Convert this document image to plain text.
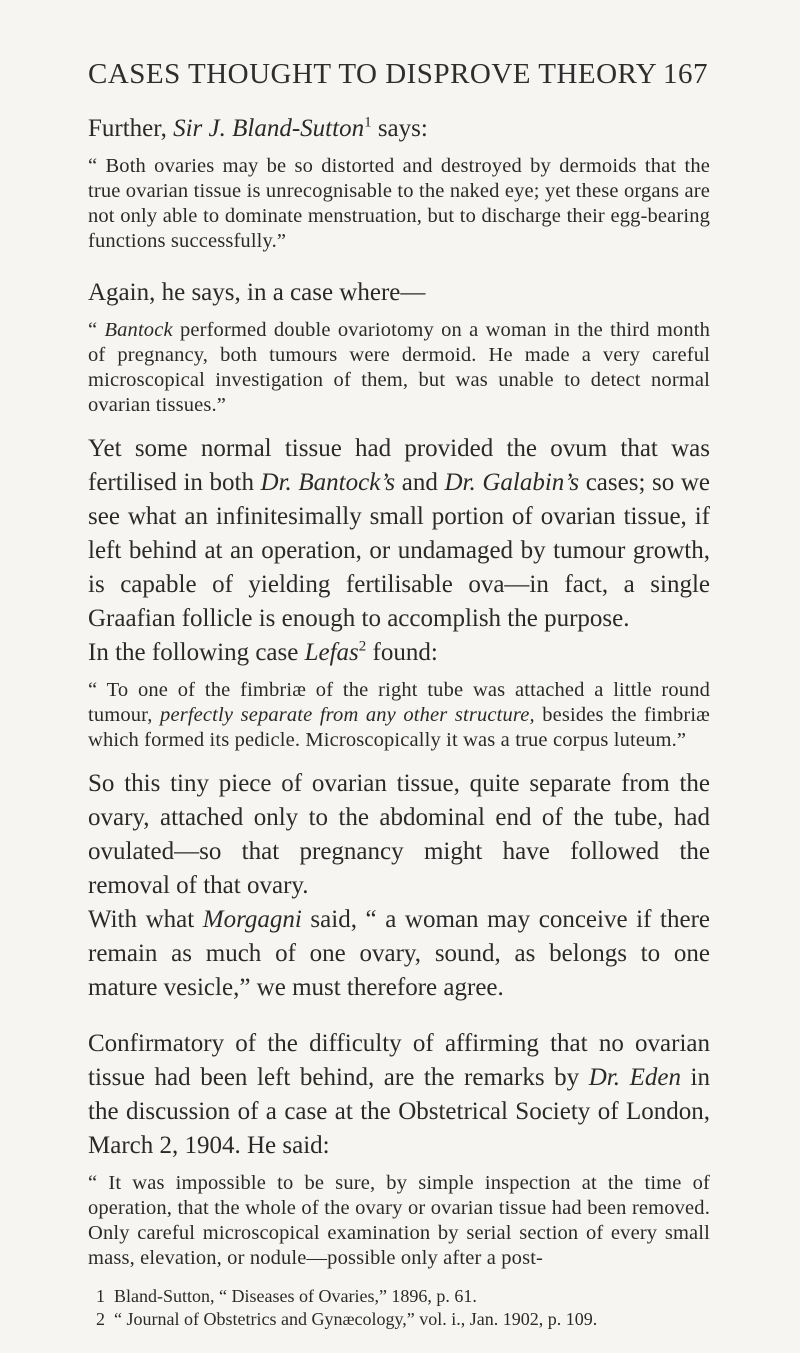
CASES THOUGHT TO DISPROVE THEORY 167

Further, Sir J. Bland-Sutton$^1$ says:

“ Both ovaries may be so distorted and destroyed by dermoids that the true ovarian tissue is unrecognisable to the naked eye; yet these organs are not only able to dominate menstruation, but to discharge their egg-bearing functions successfully.”

Again, he says, in a case where—

“ Bantock performed double ovariotomy on a woman in the third month of pregnancy, both tumours were dermoid. He made a very careful microscopical investigation of them, but was unable to detect normal ovarian tissues.”

Yet some normal tissue had provided the ovum that was fertilised in both Dr. Bantock’s and Dr. Galabin’s cases; so we see what an infinitesimally small portion of ovarian tissue, if left behind at an operation, or undamaged by tumour growth, is capable of yielding fertilisable ova—in fact, a single Graafian follicle is enough to accomplish the purpose.

In the following case Lefas$^2$ found:

“ To one of the fimbriæ of the right tube was attached a little round tumour, perfectly separate from any other structure, besides the fimbriæ which formed its pedicle. Microscopically it was a true corpus luteum.”

So this tiny piece of ovarian tissue, quite separate from the ovary, attached only to the abdominal end of the tube, had ovulated—so that pregnancy might have followed the removal of that ovary.

With what Morgagni said, “ a woman may conceive if there remain as much of one ovary, sound, as belongs to one mature vesicle,” we must therefore agree.

Confirmatory of the difficulty of affirming that no ovarian tissue had been left behind, are the remarks by Dr. Eden in the discussion of a case at the Obstetrical Society of London, March 2, 1904. He said:

“ It was impossible to be sure, by simple inspection at the time of operation, that the whole of the ovary or ovarian tissue had been removed. Only careful microscopical examination by serial section of every small mass, elevation, or nodule—possible only after a post-

1 Bland-Sutton, “ Diseases of Ovaries,” 1896, p. 61.

2 “ Journal of Obstetrics and Gynæcology,” vol. i., Jan. 1902, p. 109.
